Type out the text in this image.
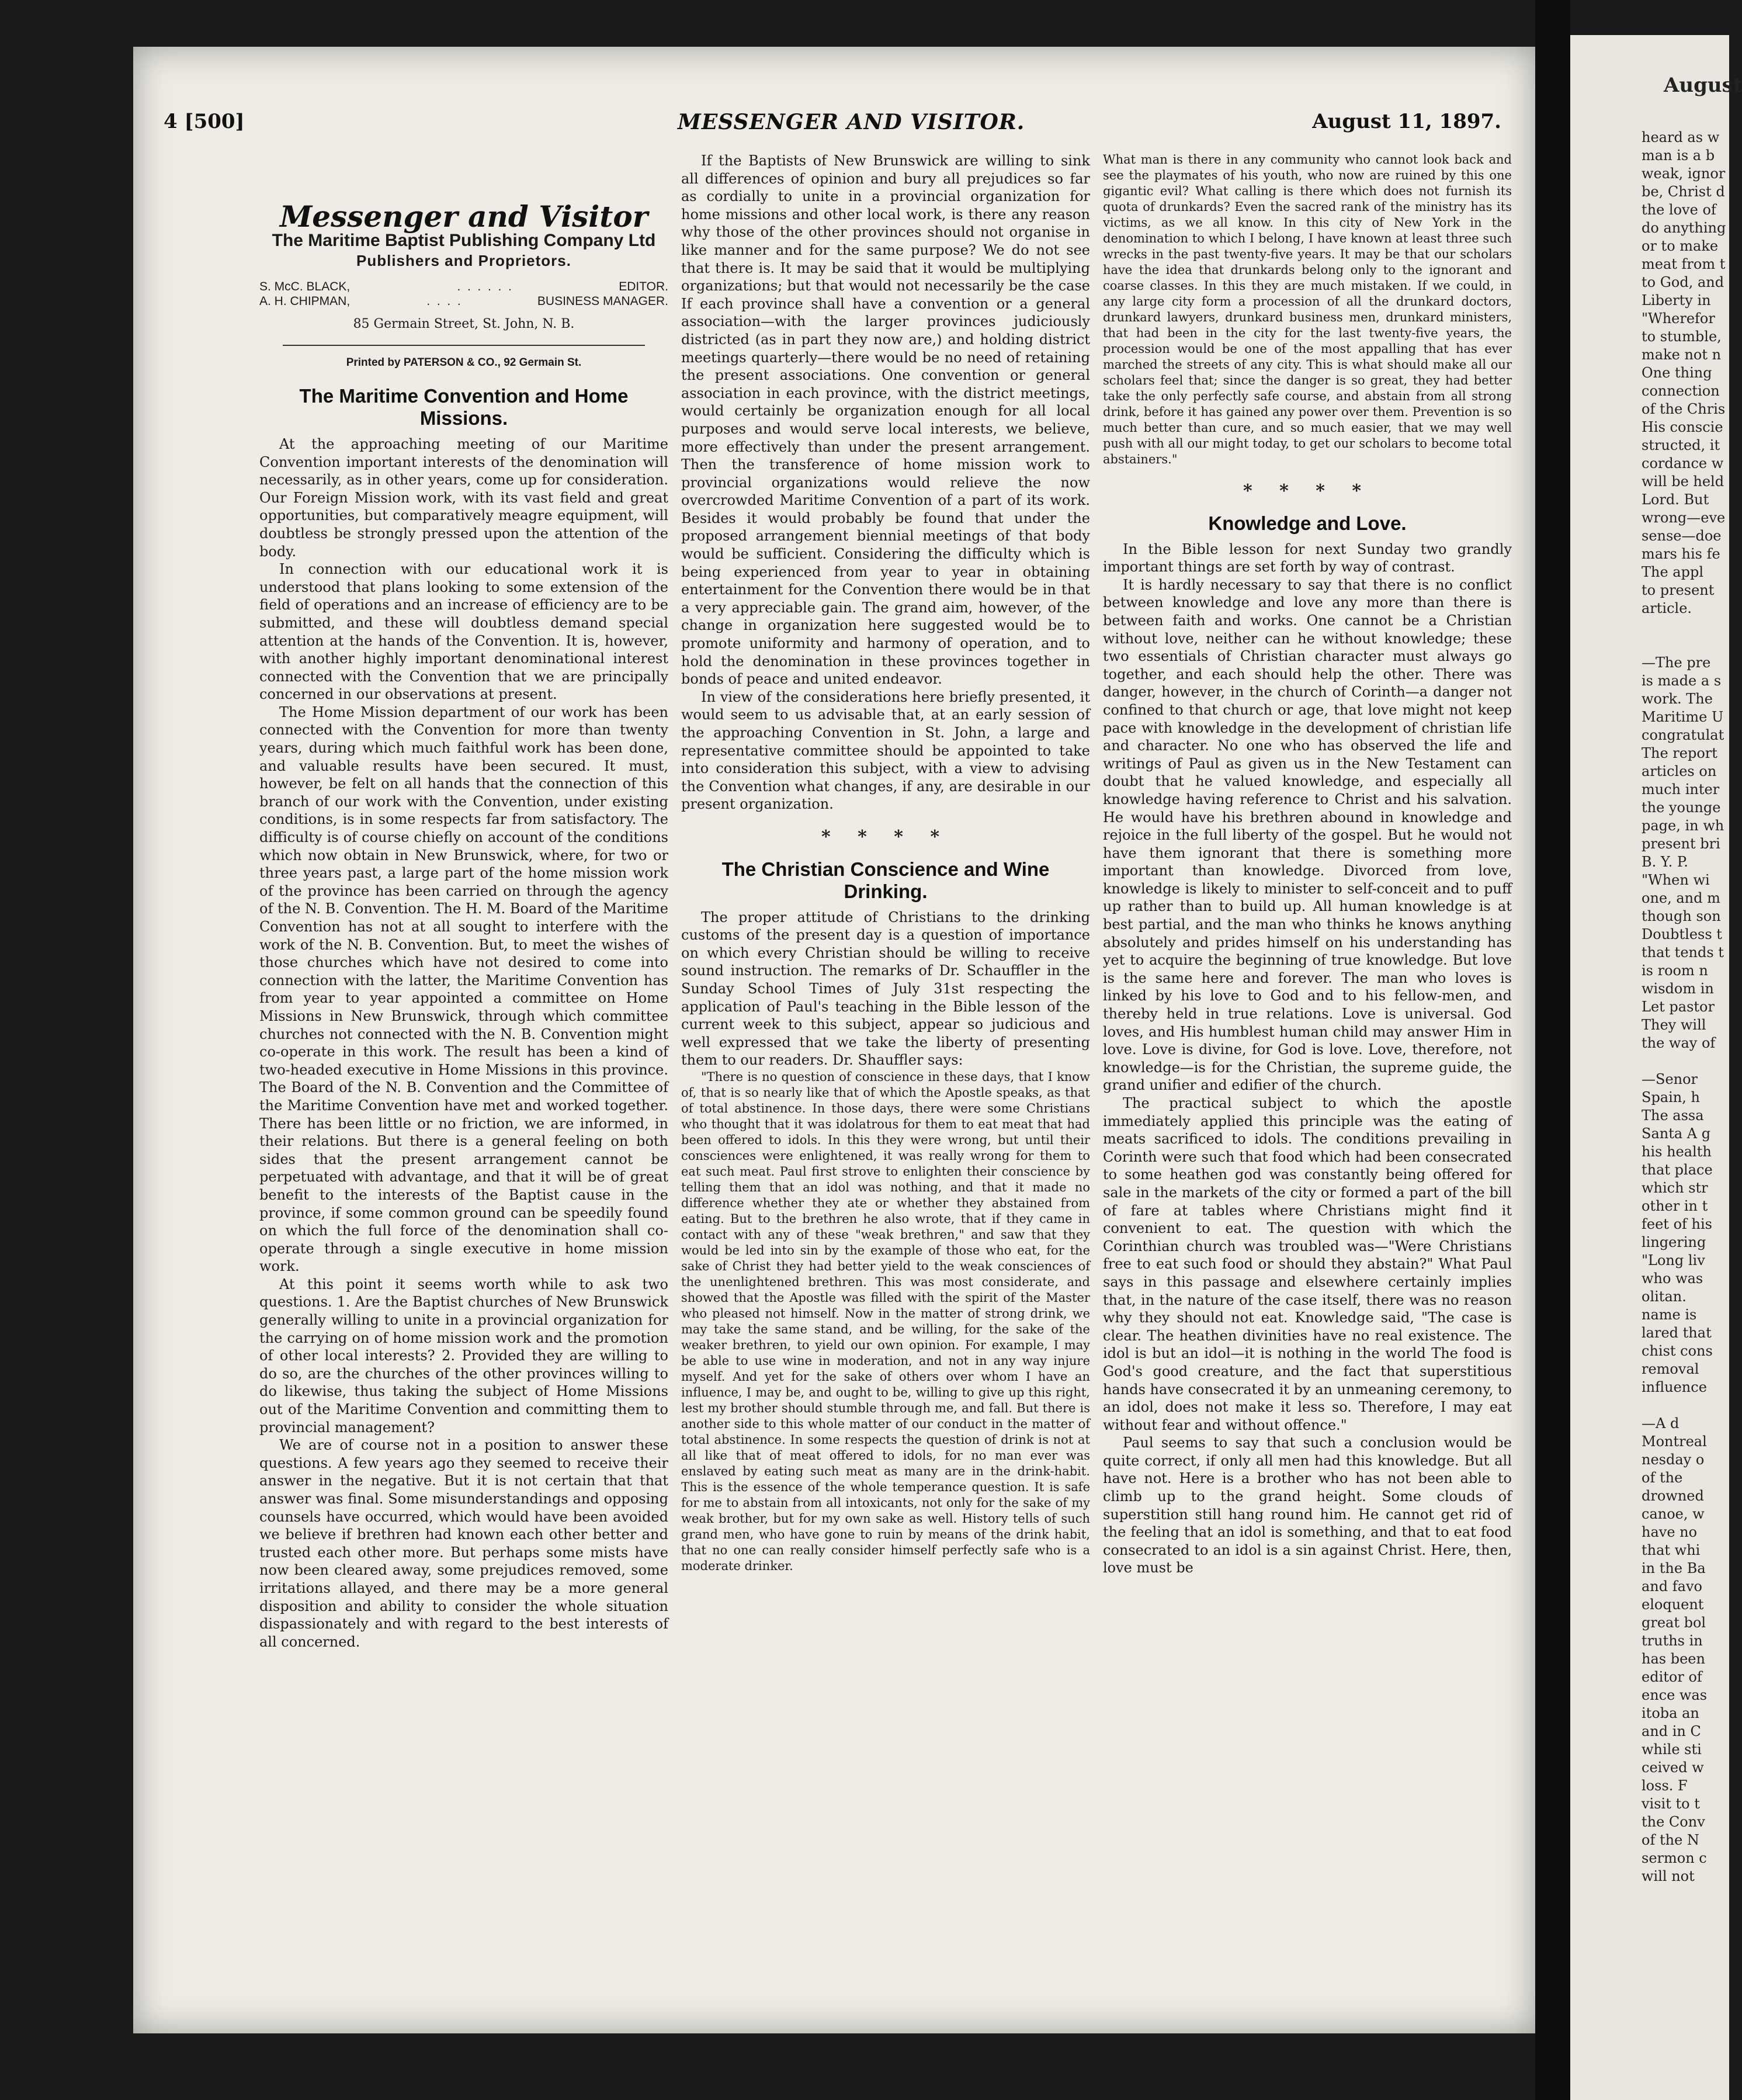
4 [500]	MESSENGER AND VISITOR.	August 11, 1897.
Messenger and Visitor
The Maritime Baptist Publishing Company Ltd
Publishers and Proprietors.
S. McC. BLACK,	.  .  .  .  .  .	EDITOR.
A. H. CHIPMAN,	.  .  .  .	BUSINESS MANAGER.
85 Germain Street, St. John, N. B.
Printed by PATERSON & CO., 92 Germain St.
The Maritime Convention and Home Missions.

At the approaching meeting of our Maritime Convention important interests of the denomination will necessarily, as in other years, come up for consideration. Our Foreign Mission work, with its vast field and great opportunities, but comparatively meagre equipment, will doubtless be strongly pressed upon the attention of the body.

In connection with our educational work it is understood that plans looking to some extension of the field of operations and an increase of efficiency are to be submitted, and these will doubtless demand special attention at the hands of the Convention. It is, however, with another highly important denominational interest connected with the Convention that we are principally concerned in our observations at present.

The Home Mission department of our work has been connected with the Convention for more than twenty years, during which much faithful work has been done, and valuable results have been secured. It must, however, be felt on all hands that the connection of this branch of our work with the Convention, under existing conditions, is in some respects far from satisfactory. The difficulty is of course chiefly on account of the conditions which now obtain in New Brunswick, where, for two or three years past, a large part of the home mission work of the province has been carried on through the agency of the N. B. Convention. The H. M. Board of the Maritime Convention has not at all sought to interfere with the work of the N. B. Convention. But, to meet the wishes of those churches which have not desired to come into connection with the latter, the Maritime Convention has from year to year appointed a committee on Home Missions in New Brunswick, through which committee churches not connected with the N. B. Convention might co-operate in this work. The result has been a kind of two-headed executive in Home Missions in this province. The Board of the N. B. Convention and the Committee of the Maritime Convention have met and worked together. There has been little or no friction, we are informed, in their relations. But there is a general feeling on both sides that the present arrangement cannot be perpetuated with advantage, and that it will be of great benefit to the interests of the Baptist cause in the province, if some common ground can be speedily found on which the full force of the denomination shall co-operate through a single executive in home mission work.

At this point it seems worth while to ask two questions. 1. Are the Baptist churches of New Brunswick generally willing to unite in a provincial organization for the carrying on of home mission work and the promotion of other local interests? 2. Provided they are willing to do so, are the churches of the other provinces willing to do likewise, thus taking the subject of Home Missions out of the Maritime Convention and committing them to provincial management?

We are of course not in a position to answer these questions. A few years ago they seemed to receive their answer in the negative. But it is not certain that that answer was final. Some misunderstandings and opposing counsels have occurred, which would have been avoided we believe if brethren had known each other better and trusted each other more. But perhaps some mists have now been cleared away, some prejudices removed, some irritations allayed, and there may be a more general disposition and ability to consider the whole situation dispassionately and with regard to the best interests of all concerned.

If the Baptists of New Brunswick are willing to sink all differences of opinion and bury all prejudices so far as cordially to unite in a provincial organization for home missions and other local work, is there any reason why those of the other provinces should not organise in like manner and for the same purpose? We do not see that there is. It may be said that it would be multiplying organizations; but that would not necessarily be the case If each province shall have a convention or a general association—with the larger provinces judiciously districted (as in part they now are,) and holding district meetings quarterly—there would be no need of retaining the present associations. One convention or general association in each province, with the district meetings, would certainly be organization enough for all local purposes and would serve local interests, we believe, more effectively than under the present arrangement. Then the transference of home mission work to provincial organizations would relieve the now overcrowded Maritime Convention of a part of its work. Besides it would probably be found that under the proposed arrangement biennial meetings of that body would be sufficient. Considering the difficulty which is being experienced from year to year in obtaining entertainment for the Convention there would be in that a very appreciable gain. The grand aim, however, of the change in organization here suggested would be to promote uniformity and harmony of operation, and to hold the denomination in these provinces together in bonds of peace and united endeavor.

In view of the considerations here briefly presented, it would seem to us advisable that, at an early session of the approaching Convention in St. John, a large and representative committee should be appointed to take into consideration this subject, with a view to advising the Convention what changes, if any, are desirable in our present organization.

* * * *
The Christian Conscience and Wine Drinking.

The proper attitude of Christians to the drinking customs of the present day is a question of importance on which every Christian should be willing to receive sound instruction. The remarks of Dr. Schauffler in the Sunday School Times of July 31st respecting the application of Paul's teaching in the Bible lesson of the current week to this subject, appear so judicious and well expressed that we take the liberty of presenting them to our readers. Dr. Shauffler says:

"There is no question of conscience in these days, that I know of, that is so nearly like that of which the Apostle speaks, as that of total abstinence. In those days, there were some Christians who thought that it was idolatrous for them to eat meat that had been offered to idols. In this they were wrong, but until their consciences were enlightened, it was really wrong for them to eat such meat. Paul first strove to enlighten their conscience by telling them that an idol was nothing, and that it made no difference whether they ate or whether they abstained from eating. But to the brethren he also wrote, that if they came in contact with any of these "weak brethren," and saw that they would be led into sin by the example of those who eat, for the sake of Christ they had better yield to the weak consciences of the unenlightened brethren. This was most considerate, and showed that the Apostle was filled with the spirit of the Master who pleased not himself. Now in the matter of strong drink, we may take the same stand, and be willing, for the sake of the weaker brethren, to yield our own opinion. For example, I may be able to use wine in moderation, and not in any way injure myself. And yet for the sake of others over whom I have an influence, I may be, and ought to be, willing to give up this right, lest my brother should stumble through me, and fall. But there is another side to this whole matter of our conduct in the matter of total abstinence. In some respects the question of drink is not at all like that of meat offered to idols, for no man ever was enslaved by eating such meat as many are in the drink-habit. This is the essence of the whole temperance question. It is safe for me to abstain from all intoxicants, not only for the sake of my weak brother, but for my own sake as well. History tells of such grand men, who have gone to ruin by means of the drink habit, that no one can really consider himself perfectly safe who is a moderate drinker.

What man is there in any community who cannot look back and see the playmates of his youth, who now are ruined by this one gigantic evil? What calling is there which does not furnish its quota of drunkards? Even the sacred rank of the ministry has its victims, as we all know. In this city of New York in the denomination to which I belong, I have known at least three such wrecks in the past twenty-five years. It may be that our scholars have the idea that drunkards belong only to the ignorant and coarse classes. In this they are much mistaken. If we could, in any large city form a procession of all the drunkard doctors, drunkard lawyers, drunkard business men, drunkard ministers, that had been in the city for the last twenty-five years, the procession would be one of the most appalling that has ever marched the streets of any city. This is what should make all our scholars feel that; since the danger is so great, they had better take the only perfectly safe course, and abstain from all strong drink, before it has gained any power over them. Prevention is so much better than cure, and so much easier, that we may well push with all our might today, to get our scholars to become total abstainers."

* * * *
Knowledge and Love.

In the Bible lesson for next Sunday two grandly important things are set forth by way of contrast.

It is hardly necessary to say that there is no conflict between knowledge and love any more than there is between faith and works. One cannot be a Christian without love, neither can he without knowledge; these two essentials of Christian character must always go together, and each should help the other. There was danger, however, in the church of Corinth—a danger not confined to that church or age, that love might not keep pace with knowledge in the development of christian life and character. No one who has observed the life and writings of Paul as given us in the New Testament can doubt that he valued knowledge, and especially all knowledge having reference to Christ and his salvation. He would have his brethren abound in knowledge and rejoice in the full liberty of the gospel. But he would not have them ignorant that there is something more important than knowledge. Divorced from love, knowledge is likely to minister to self-conceit and to puff up rather than to build up. All human knowledge is at best partial, and the man who thinks he knows anything absolutely and prides himself on his understanding has yet to acquire the beginning of true knowledge. But love is the same here and forever. The man who loves is linked by his love to God and to his fellow-men, and thereby held in true relations. Love is universal. God loves, and His humblest human child may answer Him in love. Love is divine, for God is love. Love, therefore, not knowledge—is for the Christian, the supreme guide, the grand unifier and edifier of the church.

The practical subject to which the apostle immediately applied this principle was the eating of meats sacrificed to idols. The conditions prevailing in Corinth were such that food which had been consecrated to some heathen god was constantly being offered for sale in the markets of the city or formed a part of the bill of fare at tables where Christians might find it convenient to eat. The question with which the Corinthian church was troubled was—"Were Christians free to eat such food or should they abstain?" What Paul says in this passage and elsewhere certainly implies that, in the nature of the case itself, there was no reason why they should not eat. Knowledge said, "The case is clear. The heathen divinities have no real existence. The idol is but an idol—it is nothing in the world The food is God's good creature, and the fact that superstitious hands have consecrated it by an unmeaning ceremony, to an idol, does not make it less so. Therefore, I may eat without fear and without offence."

Paul seems to say that such a conclusion would be quite correct, if only all men had this knowledge. But all have not. Here is a brother who has not been able to climb up to the grand height. Some clouds of superstition still hang round him. He cannot get rid of the feeling that an idol is something, and that to eat food consecrated to an idol is a sin against Christ. Here, then, love must be

August
heard as w
man is a b
weak, ignor
be, Christ d
the love of
do anything
or to make
meat from t
to God, and
Liberty in
"Wherefor
to stumble,
make not n
One thing
connection
of the Chris
His conscie
structed, it
cordance w
will be held
Lord. But
wrong—eve
sense—doe
mars his fe
The appl
to present
article.

—The pre
is made a s
work. The
Maritime U
congratulat
The report
articles on
much inter
the younge
page, in wh
present bri
B. Y. P.
"When wi
one, and m
though son
Doubtless t
that tends t
is room n
wisdom in
Let pastor
They will
the way of

—Senor
Spain, h
The assa
Santa A g
his health
that place
which str
other in t
feet of his
lingering
"Long liv
who was
olitan.
name is
lared that
chist cons
removal
influence

—A d
Montreal
nesday o
of the
drowned
canoe, w
have no
that whi
in the Ba
and favo
eloquent
great bol
truths in
has been
editor of
ence was
itoba an
and in C
while sti
ceived w
loss. F
visit to t
the Conv
of the N
sermon c
will not
